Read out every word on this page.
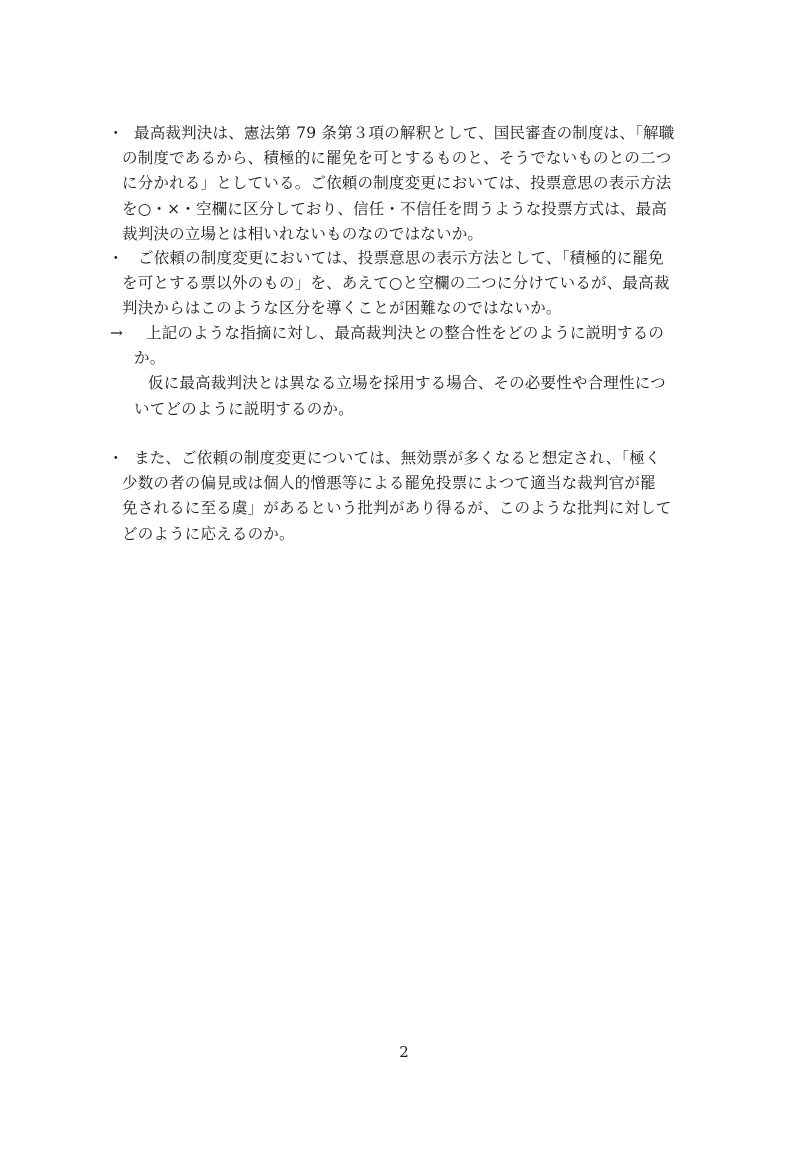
・ 最高裁判決は、憲法第 79 条第３項の解釈として、国民審査の制度は、「解職
の制度であるから、積極的に罷免を可とするものと、そうでないものとの二つ
に分かれる」としている。ご依頼の制度変更においては、投票意思の表示方法
を○・×・空欄に区分しており、信任・不信任を問うような投票方式は、最高
裁判決の立場とは相いれないものなのではないか。
・ ご依頼の制度変更においては、投票意思の表示方法として、「積極的に罷免
を可とする票以外のもの」を、あえて○と空欄の二つに分けているが、最高裁
判決からはこのような区分を導くことが困難なのではないか。
→ 上記のような指摘に対し、最高裁判決との整合性をどのように説明するの
か。
仮に最高裁判決とは異なる立場を採用する場合、その必要性や合理性につ
いてどのように説明するのか。
・ また、ご依頼の制度変更については、無効票が多くなると想定され、「極く
少数の者の偏見或は個人的憎悪等による罷免投票によつて適当な裁判官が罷
免されるに至る虞」があるという批判があり得るが、このような批判に対して
どのように応えるのか。
2
